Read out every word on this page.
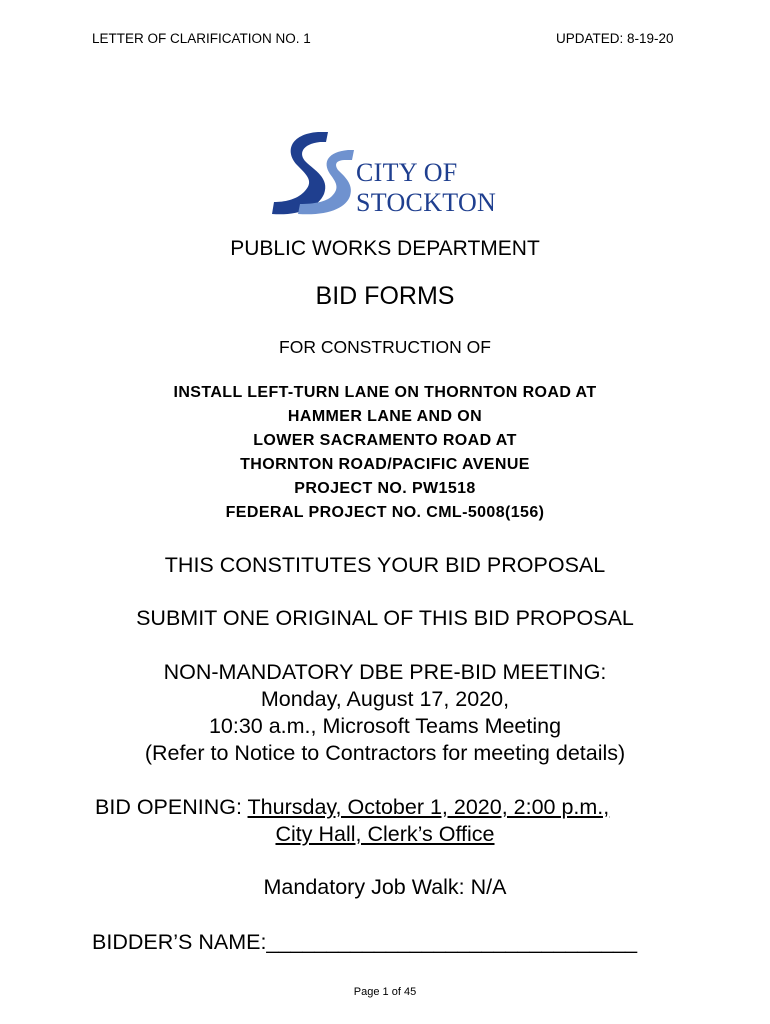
LETTER OF CLARIFICATION NO. 1	UPDATED: 8-19-20
CITY OF
STOCKTON
PUBLIC WORKS DEPARTMENT
BID FORMS
FOR CONSTRUCTION OF
INSTALL LEFT-TURN LANE ON THORNTON ROAD AT
HAMMER LANE AND ON
LOWER SACRAMENTO ROAD AT
THORNTON ROAD/PACIFIC AVENUE
PROJECT NO. PW1518
FEDERAL PROJECT NO. CML-5008(156)
THIS CONSTITUTES YOUR BID PROPOSAL
SUBMIT ONE ORIGINAL OF THIS BID PROPOSAL
NON-MANDATORY DBE PRE-BID MEETING:
Monday, August 17, 2020,
10:30 a.m., Microsoft Teams Meeting
(Refer to Notice to Contractors for meeting details)
BID OPENING: Thursday, October 1, 2020, 2:00 p.m.,
City Hall, Clerk’s Office
Mandatory Job Walk: N/A
BIDDER’S NAME:_______________________________
Page 1 of 45
